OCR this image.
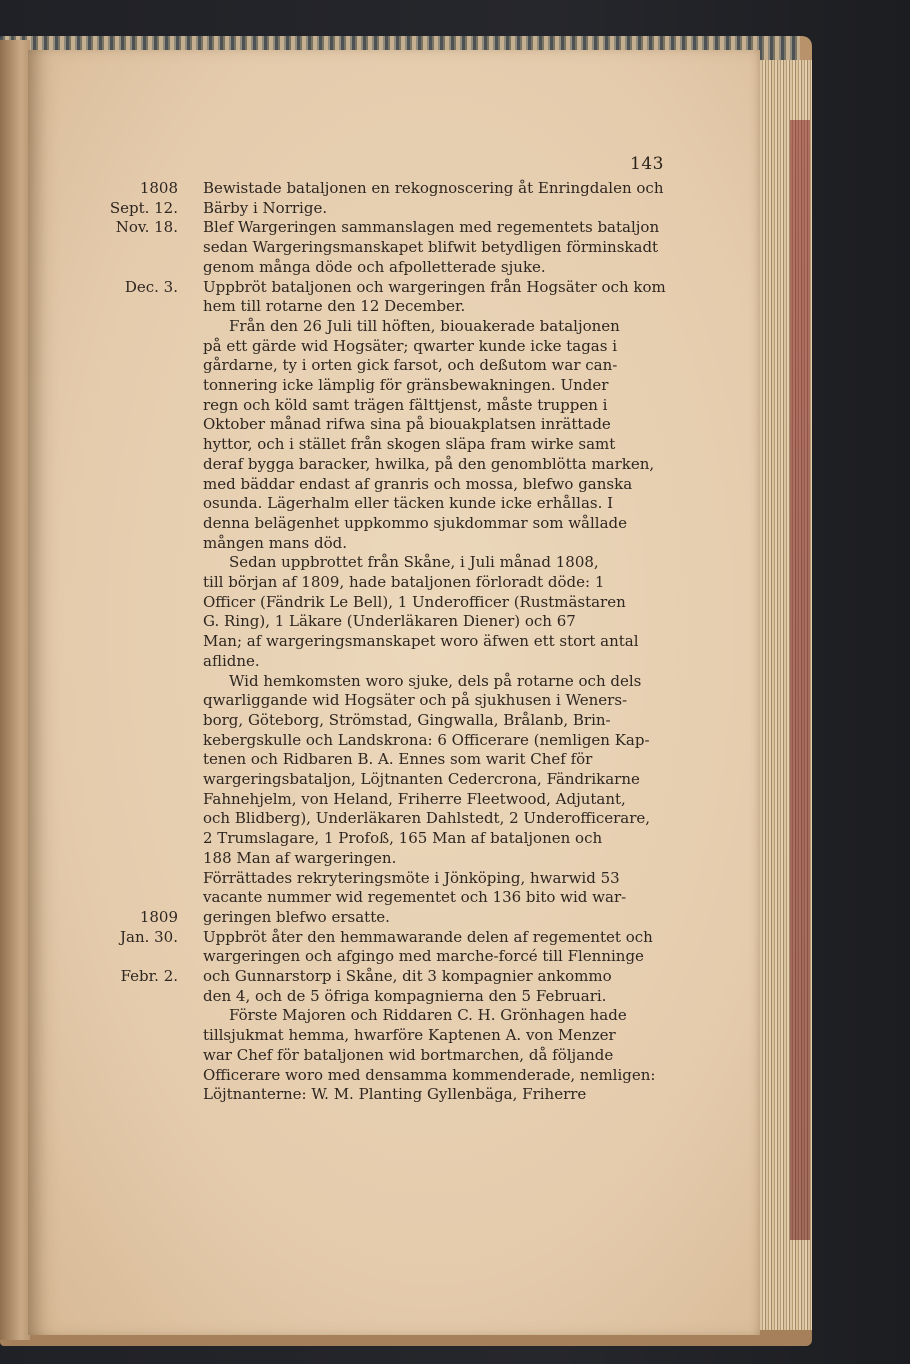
143
1808
Sept. 12.
Nov. 18.
Dec. 3.
1809
Jan. 30.
Febr. 2.
Bewistade bataljonen en rekognoscering åt Enringdalen och
Bärby i Norrige.
Blef Wargeringen sammanslagen med regementets bataljon
sedan Wargeringsmanskapet blifwit betydligen förminskadt
genom många döde och afpolletterade sjuke.
Uppbröt bataljonen och wargeringen från Hogsäter och kom
hem till rotarne den 12 December.
Från den 26 Juli till höften, biouakerade bataljonen
på ett gärde wid Hogsäter; qwarter kunde icke tagas i
gårdarne, ty i orten gick farsot, och deßutom war can-
tonnering icke lämplig för gränsbewakningen. Under
regn och köld samt trägen fälttjenst, måste truppen i
Oktober månad rifwa sina på biouakplatsen inrättade
hyttor, och i stället från skogen släpa fram wirke samt
deraf bygga baracker, hwilka, på den genomblötta marken,
med bäddar endast af granris och mossa, blefwo ganska
osunda. Lägerhalm eller täcken kunde icke erhållas. I
denna belägenhet uppkommo sjukdommar som wållade
mången mans död.
Sedan uppbrottet från Skåne, i Juli månad 1808,
till början af 1809, hade bataljonen förloradt döde: 1
Officer (Fändrik Le Bell), 1 Underofficer (Rustmästaren
G. Ring), 1 Läkare (Underläkaren Diener) och 67
Man; af wargeringsmanskapet woro äfwen ett stort antal
aflidne.
Wid hemkomsten woro sjuke, dels på rotarne och dels
qwarliggande wid Hogsäter och på sjukhusen i Weners-
borg, Göteborg, Strömstad, Gingwalla, Brålanb, Brin-
kebergskulle och Landskrona: 6 Officerare (nemligen Kap-
tenen och Ridbaren B. A. Ennes som warit Chef för
wargeringsbataljon, Löjtnanten Cedercrona, Fändrikarne
Fahnehjelm, von Heland, Friherre Fleetwood, Adjutant,
och Blidberg), Underläkaren Dahlstedt, 2 Underofficerare,
2 Trumslagare, 1 Profoß, 165 Man af bataljonen och
188 Man af wargeringen.
Förrättades rekryteringsmöte i Jönköping, hwarwid 53
vacante nummer wid regementet och 136 bito wid war-
geringen blefwo ersatte.
Uppbröt åter den hemmawarande delen af regementet och
wargeringen och afgingo med marche-forcé till Flenninge
och Gunnarstorp i Skåne, dit 3 kompagnier ankommo
den 4, och de 5 öfriga kompagnierna den 5 Februari.
Förste Majoren och Riddaren C. H. Grönhagen hade
tillsjukmat hemma, hwarföre Kaptenen A. von Menzer
war Chef för bataljonen wid bortmarchen, då följande
Officerare woro med densamma kommenderade, nemligen:
Löjtnanterne: W. M. Planting Gyllenbäga, Friherre
